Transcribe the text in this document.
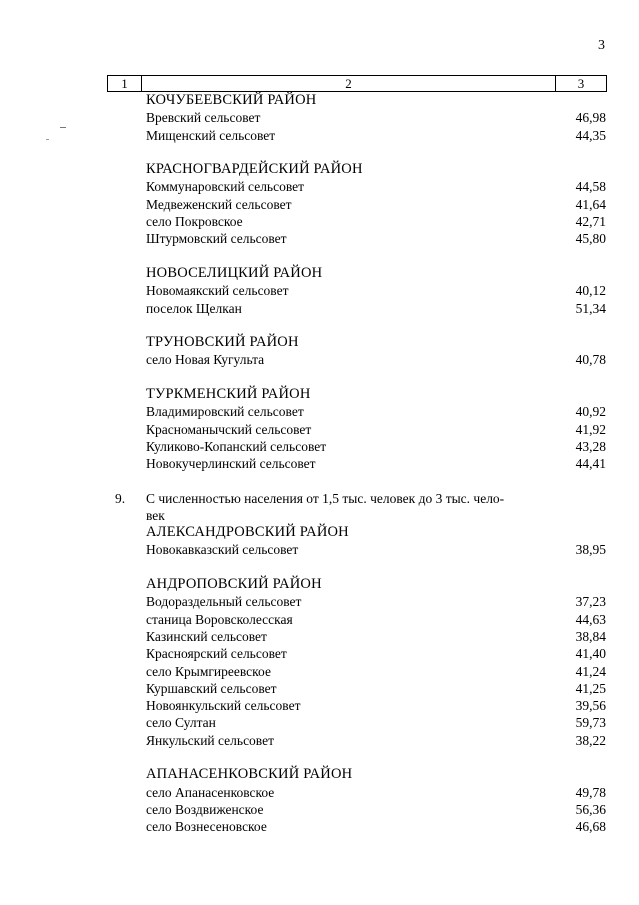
3
1	2	3
КОЧУБЕЕВСКИЙ РАЙОН
Вревский сельсовет	46,98
Мищенский сельсовет	44,35
КРАСНОГВАРДЕЙСКИЙ РАЙОН
Коммунаровский сельсовет	44,58
Медвеженский сельсовет	41,64
село Покровское	42,71
Штурмовский сельсовет	45,80
НОВОСЕЛИЦКИЙ РАЙОН
Новомаякский сельсовет	40,12
поселок Щелкан	51,34
ТРУНОВСКИЙ РАЙОН
село Новая Кугульта	40,78
ТУРКМЕНСКИЙ РАЙОН
Владимировский сельсовет	40,92
Красноманычский сельсовет	41,92
Куликово-Копанский сельсовет	43,28
Новокучерлинский сельсовет	44,41
9. С численностью населения от 1,5 тыс. человек до 3 тыс. чело-
век
АЛЕКСАНДРОВСКИЙ РАЙОН
Новокавказский сельсовет	38,95
АНДРОПОВСКИЙ РАЙОН
Водораздельный сельсовет	37,23
станица Воровсколесская	44,63
Казинский сельсовет	38,84
Красноярский сельсовет	41,40
село Крымгиреевское	41,24
Куршавский сельсовет	41,25
Новоянкульский сельсовет	39,56
село Султан	59,73
Янкульский сельсовет	38,22
АПАНАСЕНКОВСКИЙ РАЙОН
село Апанасенковское	49,78
село Воздвиженское	56,36
село Вознесеновское	46,68
